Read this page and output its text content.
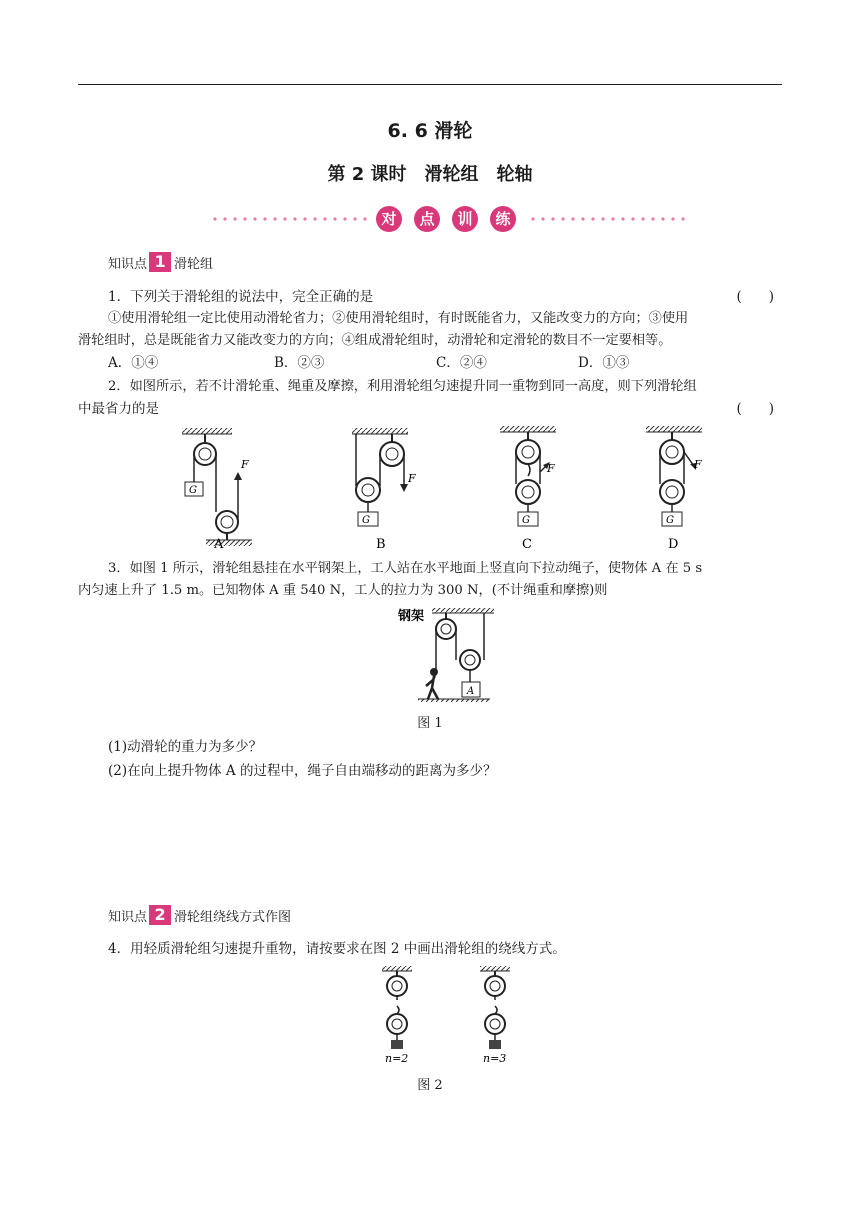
6. 6 滑轮
第 2 课时　滑轮组　轮轴
对	点	训	练
知识点 1 滑轮组
1．下列关于滑轮组的说法中，完全正确的是	(　　)
①使用滑轮组一定比使用动滑轮省力；②使用滑轮组时，有时既能省力，又能改变力的方向；③使用
滑轮组时，总是既能省力又能改变力的方向；④组成滑轮组时，动滑轮和定滑轮的数目不一定要相等。
A．①④	B．②③	C．②④	D．①③
2．如图所示，若不计滑轮重、绳重及摩擦，利用滑轮组匀速提升同一重物到同一高度，则下列滑轮组
中最省力的是	(　　)
F
G
F
G
F
G
F
G
A	B	C	D
3．如图 1 所示，滑轮组悬挂在水平钢架上，工人站在水平地面上竖直向下拉动绳子，使物体 A 在 5 s
内匀速上升了 1.5 m。已知物体 A 重 540 N，工人的拉力为 300 N，(不计绳重和摩擦)则
钢架
A
图 1
(1)动滑轮的重力为多少？
(2)在向上提升物体 A 的过程中，绳子自由端移动的距离为多少？
知识点 2 滑轮组绕线方式作图
4．用轻质滑轮组匀速提升重物，请按要求在图 2 中画出滑轮组的绕线方式。
n=2	n=3
图 2
